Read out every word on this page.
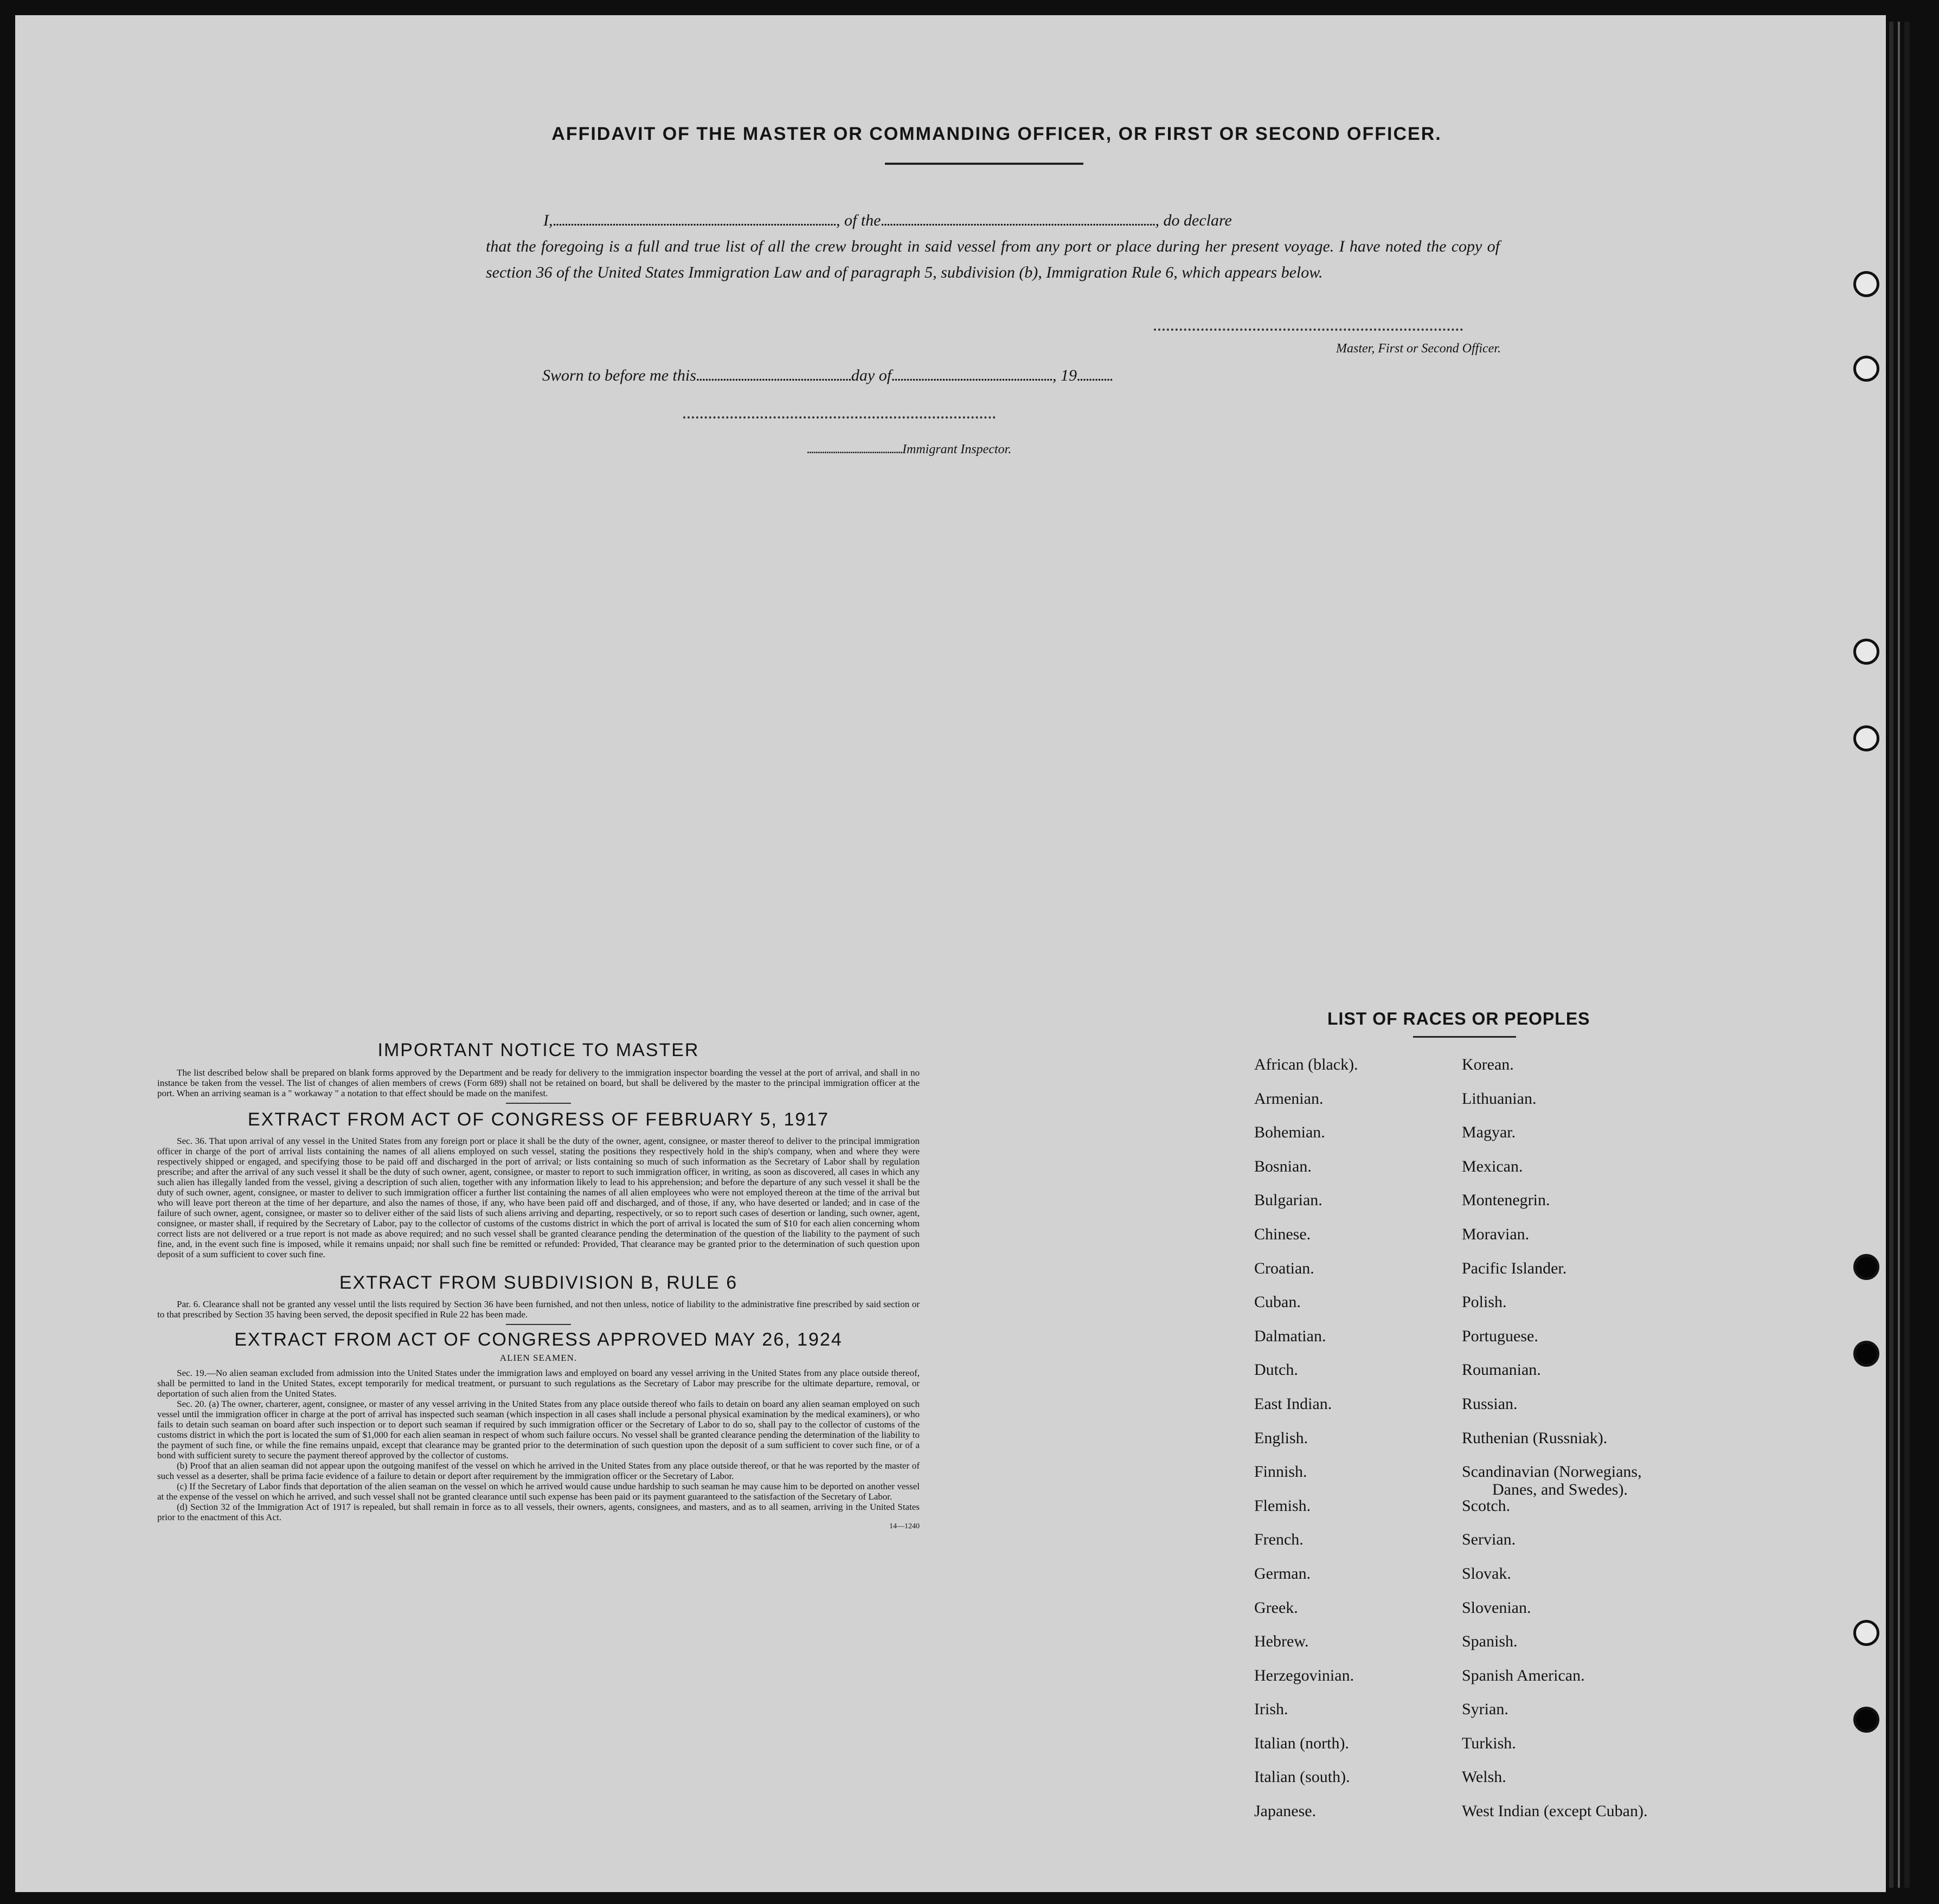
AFFIDAVIT OF THE MASTER OR COMMANDING OFFICER, OR FIRST OR SECOND OFFICER.

I,..............................................................................................., of the............................................................................................, do declare

that the foregoing is a full and true list of all the crew brought in said vessel from any port or place during her present voyage. I have noted the copy of section 36 of the United States Immigration Law and of paragraph 5, subdivision (b), Immigration Rule 6, which appears below.

Master, First or Second Officer.
Sworn to before me this....................................................day of......................................................, 19............
............................................Immigrant Inspector.
IMPORTANT NOTICE TO MASTER

The list described below shall be prepared on blank forms approved by the Department and be ready for delivery to the immigration inspector boarding the vessel at the port of arrival, and shall in no instance be taken from the vessel. The list of changes of alien members of crews (Form 689) shall not be retained on board, but shall be delivered by the master to the principal immigration officer at the port. When an arriving seaman is a " workaway " a notation to that effect should be made on the manifest.

EXTRACT FROM ACT OF CONGRESS OF FEBRUARY 5, 1917

Sec. 36. That upon arrival of any vessel in the United States from any foreign port or place it shall be the duty of the owner, agent, consignee, or master thereof to deliver to the principal immigration officer in charge of the port of arrival lists containing the names of all aliens employed on such vessel, stating the positions they respectively hold in the ship's company, when and where they were respectively shipped or engaged, and specifying those to be paid off and discharged in the port of arrival; or lists containing so much of such information as the Secretary of Labor shall by regulation prescribe; and after the arrival of any such vessel it shall be the duty of such owner, agent, consignee, or master to report to such immigration officer, in writing, as soon as discovered, all cases in which any such alien has illegally landed from the vessel, giving a description of such alien, together with any information likely to lead to his apprehension; and before the departure of any such vessel it shall be the duty of such owner, agent, consignee, or master to deliver to such immigration officer a further list containing the names of all alien employees who were not employed thereon at the time of the arrival but who will leave port thereon at the time of her departure, and also the names of those, if any, who have been paid off and discharged, and of those, if any, who have deserted or landed; and in case of the failure of such owner, agent, consignee, or master so to deliver either of the said lists of such aliens arriving and departing, respectively, or so to report such cases of desertion or landing, such owner, agent, consignee, or master shall, if required by the Secretary of Labor, pay to the collector of customs of the customs district in which the port of arrival is located the sum of $10 for each alien concerning whom correct lists are not delivered or a true report is not made as above required; and no such vessel shall be granted clearance pending the determination of the question of the liability to the payment of such fine, and, in the event such fine is imposed, while it remains unpaid; nor shall such fine be remitted or refunded: Provided, That clearance may be granted prior to the determination of such question upon deposit of a sum sufficient to cover such fine.

EXTRACT FROM SUBDIVISION B, RULE 6

Par. 6. Clearance shall not be granted any vessel until the lists required by Section 36 have been furnished, and not then unless, notice of liability to the administrative fine prescribed by said section or to that prescribed by Section 35 having been served, the deposit specified in Rule 22 has been made.

EXTRACT FROM ACT OF CONGRESS APPROVED MAY 26, 1924
ALIEN SEAMEN.

Sec. 19.—No alien seaman excluded from admission into the United States under the immigration laws and employed on board any vessel arriving in the United States from any place outside thereof, shall be permitted to land in the United States, except temporarily for medical treatment, or pursuant to such regulations as the Secretary of Labor may prescribe for the ultimate departure, removal, or deportation of such alien from the United States.

Sec. 20. (a) The owner, charterer, agent, consignee, or master of any vessel arriving in the United States from any place outside thereof who fails to detain on board any alien seaman employed on such vessel until the immigration officer in charge at the port of arrival has inspected such seaman (which inspection in all cases shall include a personal physical examination by the medical examiners), or who fails to detain such seaman on board after such inspection or to deport such seaman if required by such immigration officer or the Secretary of Labor to do so, shall pay to the collector of customs of the customs district in which the port is located the sum of $1,000 for each alien seaman in respect of whom such failure occurs. No vessel shall be granted clearance pending the determination of the liability to the payment of such fine, or while the fine remains unpaid, except that clearance may be granted prior to the determination of such question upon the deposit of a sum sufficient to cover such fine, or of a bond with sufficient surety to secure the payment thereof approved by the collector of customs.

(b) Proof that an alien seaman did not appear upon the outgoing manifest of the vessel on which he arrived in the United States from any place outside thereof, or that he was reported by the master of such vessel as a deserter, shall be prima facie evidence of a failure to detain or deport after requirement by the immigration officer or the Secretary of Labor.

(c) If the Secretary of Labor finds that deportation of the alien seaman on the vessel on which he arrived would cause undue hardship to such seaman he may cause him to be deported on another vessel at the expense of the vessel on which he arrived, and such vessel shall not be granted clearance until such expense has been paid or its payment guaranteed to the satisfaction of the Secretary of Labor.

(d) Section 32 of the Immigration Act of 1917 is repealed, but shall remain in force as to all vessels, their owners, agents, consignees, and masters, and as to all seamen, arriving in the United States prior to the enactment of this Act.

14—1240
LIST OF RACES OR PEOPLES
African (black).
Armenian.
Bohemian.
Bosnian.
Bulgarian.
Chinese.
Croatian.
Cuban.
Dalmatian.
Dutch.
East Indian.
English.
Finnish.
Flemish.
French.
German.
Greek.
Hebrew.
Herzegovinian.
Irish.
Italian (north).
Italian (south).
Japanese.
Korean.
Lithuanian.
Magyar.
Mexican.
Montenegrin.
Moravian.
Pacific Islander.
Polish.
Portuguese.
Roumanian.
Russian.
Ruthenian (Russniak).
Scandinavian (Norwegians,
Danes, and Swedes).
Scotch.
Servian.
Slovak.
Slovenian.
Spanish.
Spanish American.
Syrian.
Turkish.
Welsh.
West Indian (except Cuban).
